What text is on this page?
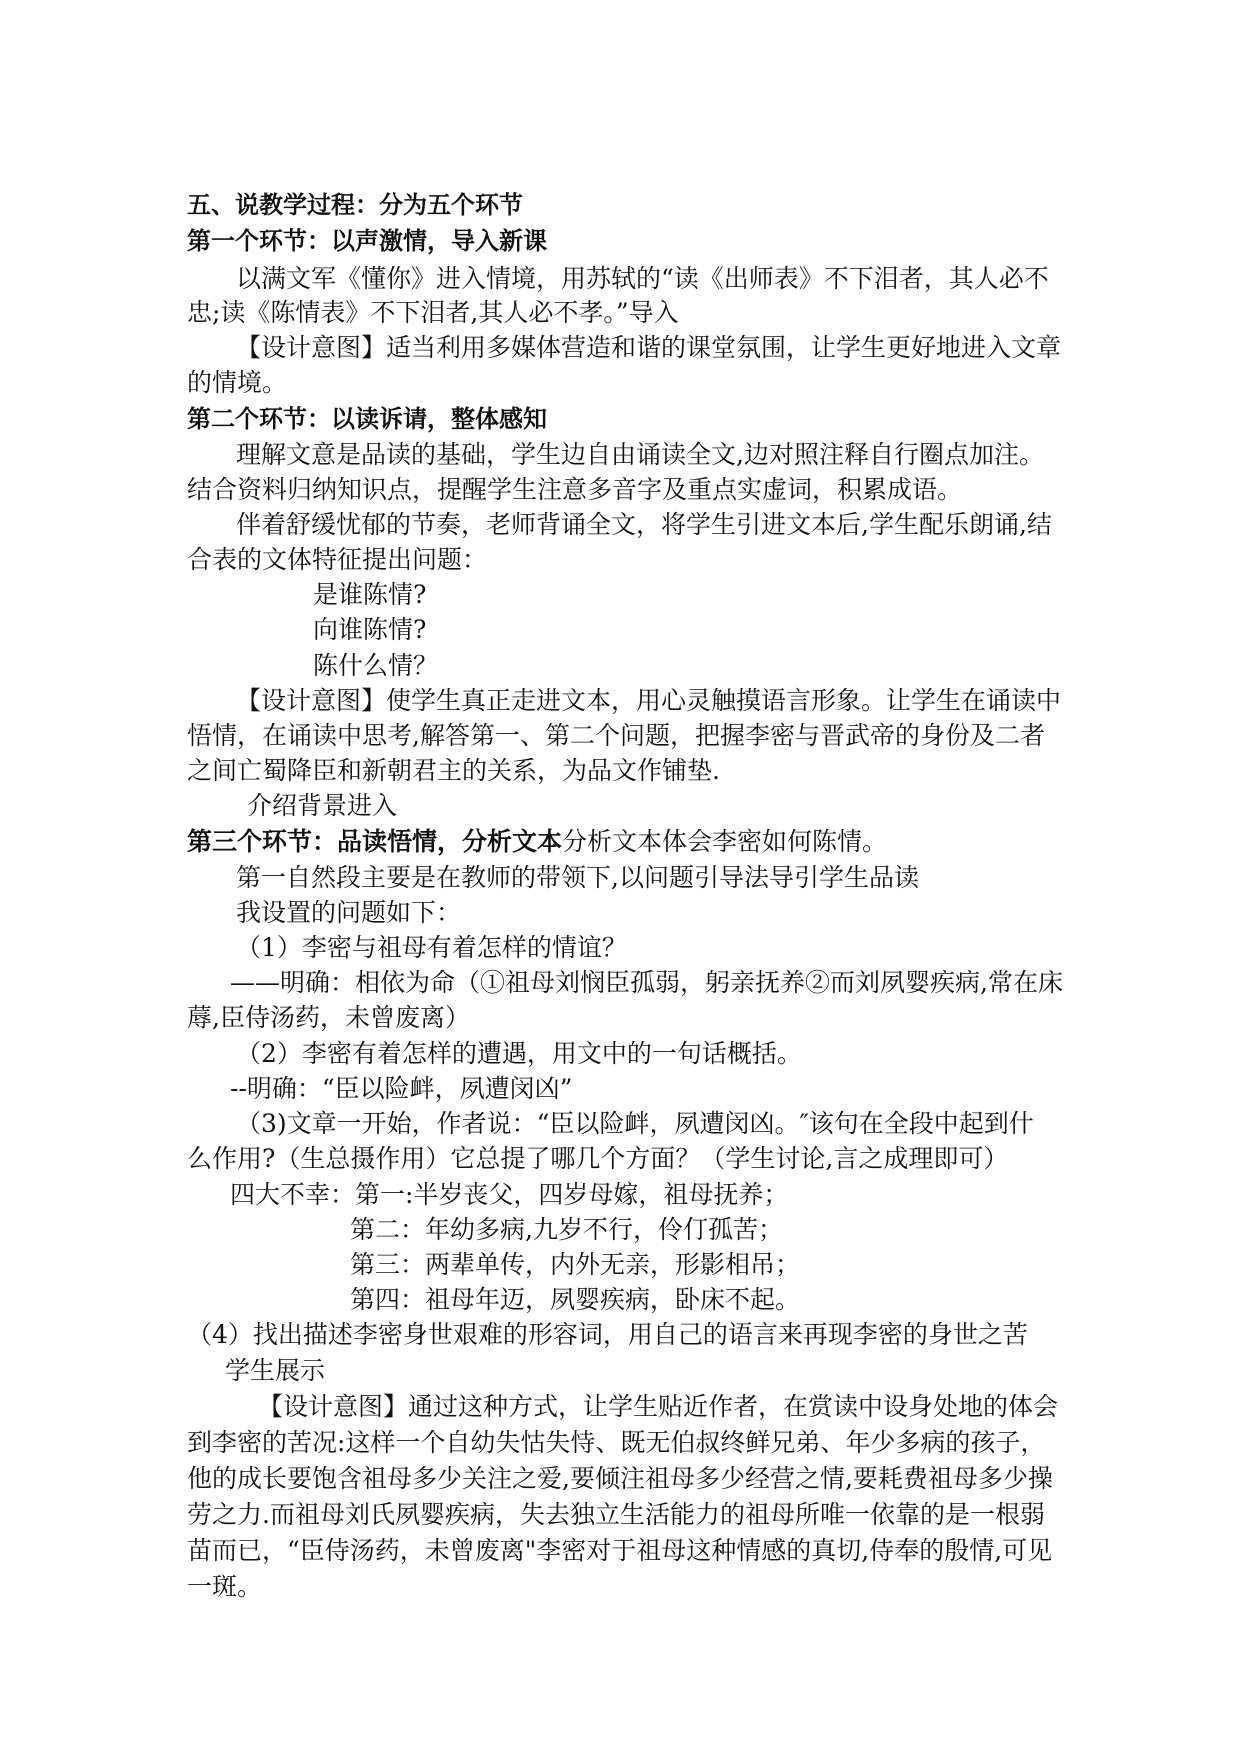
五、说教学过程：分为五个环节
第一个环节：以声激情，导入新课
以满文军《懂你》进入情境，用苏轼的“读《出师表》不下泪者，其人必不
忠;读《陈情表》不下泪者,其人必不孝。”导入
【设计意图】适当利用多媒体营造和谐的课堂氛围，让学生更好地进入文章
的情境。
第二个环节：以读诉请，整体感知
理解文意是品读的基础，学生边自由诵读全文,边对照注释自行圈点加注。
结合资料归纳知识点，提醒学生注意多音字及重点实虚词，积累成语。
伴着舒缓忧郁的节奏，老师背诵全文，将学生引进文本后,学生配乐朗诵,结
合表的文体特征提出问题：
是谁陈情?
向谁陈情?
陈什么情？
【设计意图】使学生真正走进文本，用心灵触摸语言形象。让学生在诵读中
悟情，在诵读中思考,解答第一、第二个问题，把握李密与晋武帝的身份及二者
之间亡蜀降臣和新朝君主的关系，为品文作铺垫.
介绍背景进入
第三个环节：品读悟情，分析文本分析文本体会李密如何陈情。
第一自然段主要是在教师的带领下,以问题引导法导引学生品读
我设置的问题如下：
（1）李密与祖母有着怎样的情谊？
——明确：相依为命（①祖母刘悯臣孤弱，躬亲抚养②而刘夙婴疾病,常在床
蓐,臣侍汤药，未曾废离）
（2）李密有着怎样的遭遇，用文中的一句话概括。
--明确：“臣以险衅，夙遭闵凶”
（3)文章一开始，作者说：“臣以险衅，夙遭闵凶。″该句在全段中起到什
么作用?（生总摄作用）它总提了哪几个方面？（学生讨论,言之成理即可）
四大不幸：第一:半岁丧父，四岁母嫁，祖母抚养；
第二：年幼多病,九岁不行，伶仃孤苦；
第三：两辈单传，内外无亲，形影相吊；
第四：祖母年迈，夙婴疾病，卧床不起。
（4）找出描述李密身世艰难的形容词，用自己的语言来再现李密的身世之苦
学生展示
【设计意图】通过这种方式，让学生贴近作者，在赏读中设身处地的体会
到李密的苦况:这样一个自幼失怙失恃、既无伯叔终鲜兄弟、年少多病的孩子，
他的成长要饱含祖母多少关注之爱,要倾注祖母多少经营之情,要耗费祖母多少操
劳之力.而祖母刘氏夙婴疾病，失去独立生活能力的祖母所唯一依靠的是一根弱
苗而已，“臣侍汤药，未曾废离"李密对于祖母这种情感的真切,侍奉的殷情,可见
一斑。
